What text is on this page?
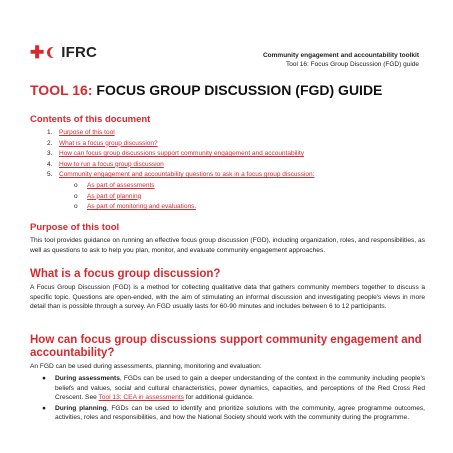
✚ IFRC	Community engagement and accountability toolkit
Tool 16: Focus Group Discussion (FGD) guide
TOOL 16: FOCUS GROUP DISCUSSION (FGD) GUIDE
Contents of this document
1. Purpose of this tool
2. What is a focus group discussion?
3. How can focus group discussions support community engagement and accountability
4. How to run a focus group discussion
5. Community engagement and accountability questions to ask in a focus group discussion:
o As part of assessments
o As part of planning
o As part of monitoring and evaluations.
Purpose of this tool
This tool provides guidance on running an effective focus group discussion (FGD), including organization, roles, and responsibilities, as well as questions to ask to help you plan, monitor, and evaluate community engagement approaches.
What is a focus group discussion?
A Focus Group Discussion (FGD) is a method for collecting qualitative data that gathers community members together to discuss a specific topic. Questions are open-ended, with the aim of stimulating an informal discussion and investigating people's views in more detail than is possible through a survey. An FGD usually lasts for 60-90 minutes and includes between 6 to 12 participants.
How can focus group discussions support community engagement and accountability?
An FGD can be used during assessments, planning, monitoring and evaluation:
● During assessments, FGDs can be used to gain a deeper understanding of the context in the community including people's beliefs and values, social and cultural characteristics, power dynamics, capacities, and perceptions of the Red Cross Red Crescent. See Tool 13: CEA in assessments for additional guidance.
● During planning, FGDs can be used to identify and prioritize solutions with the community, agree programme outcomes, activities, roles and responsibilities, and how the National Society should work with the community during the programme.
